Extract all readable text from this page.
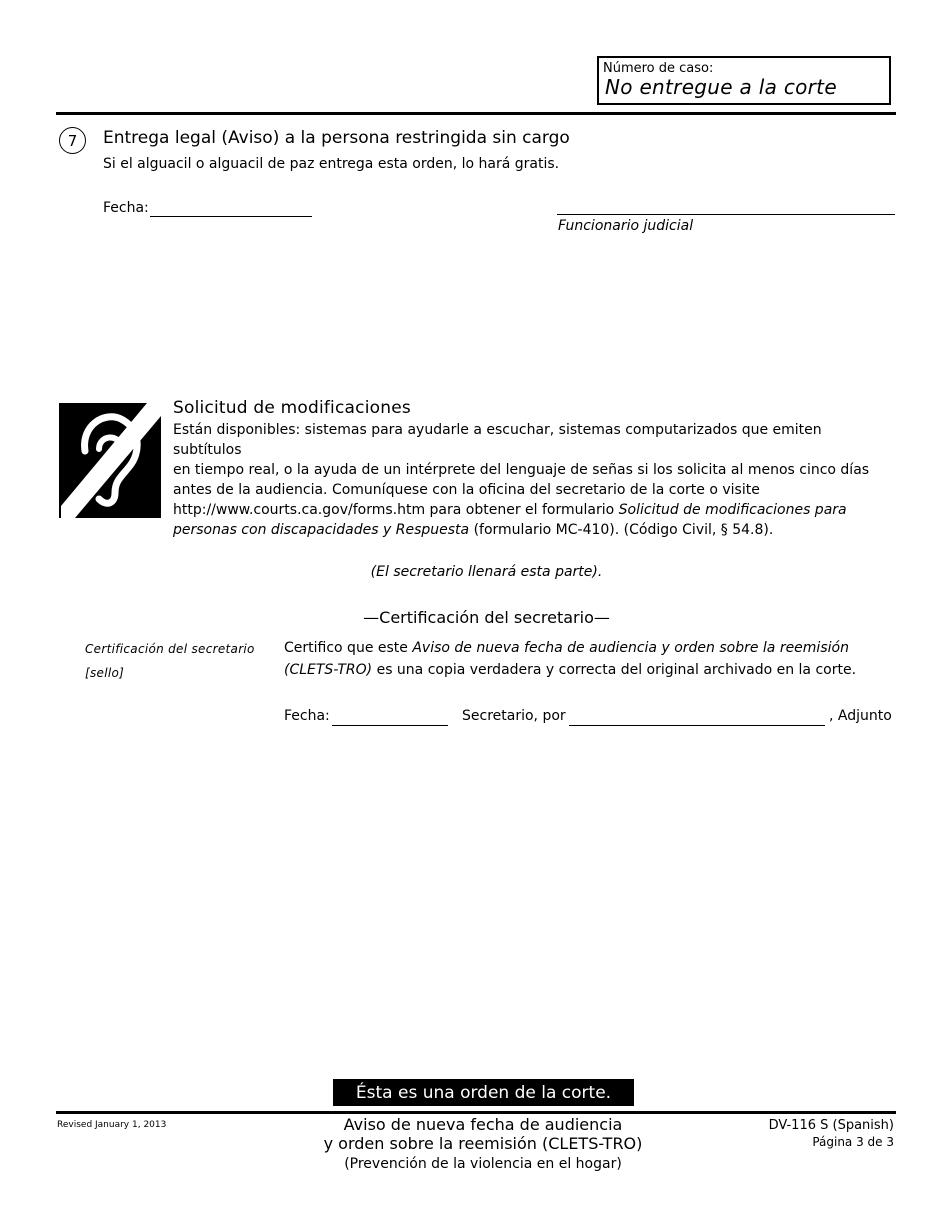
Número de caso:
No entregue a la corte
7	Entrega legal (Aviso) a la persona restringida sin cargo
Si el alguacil o alguacil de paz entrega esta orden, lo hará gratis.
Fecha:
Funcionario judicial
Solicitud de modificaciones
Están disponibles: sistemas para ayudarle a escuchar, sistemas computarizados que emiten subtítulos
en tiempo real, o la ayuda de un intérprete del lenguaje de señas si los solicita al menos cinco días
antes de la audiencia. Comuníquese con la oficina del secretario de la corte o visite
http://www.courts.ca.gov/forms.htm para obtener el formulario Solicitud de modificaciones para
personas con discapacidades y Respuesta (formulario MC-410). (Código Civil, § 54.8).
(El secretario llenará esta parte).
—Certificación del secretario—
Certificación del secretario
[sello]
Certifico que este Aviso de nueva fecha de audiencia y orden sobre la reemisión
(CLETS-TRO) es una copia verdadera y correcta del original archivado en la corte.
Fecha:	Secretario, por	, Adjunto
Ésta es una orden de la corte.
Revised January 1, 2013	Aviso de nueva fecha de audiencia
y orden sobre la reemisión (CLETS-TRO)
(Prevención de la violencia en el hogar)
DV-116 S (Spanish)
Página 3 de 3
